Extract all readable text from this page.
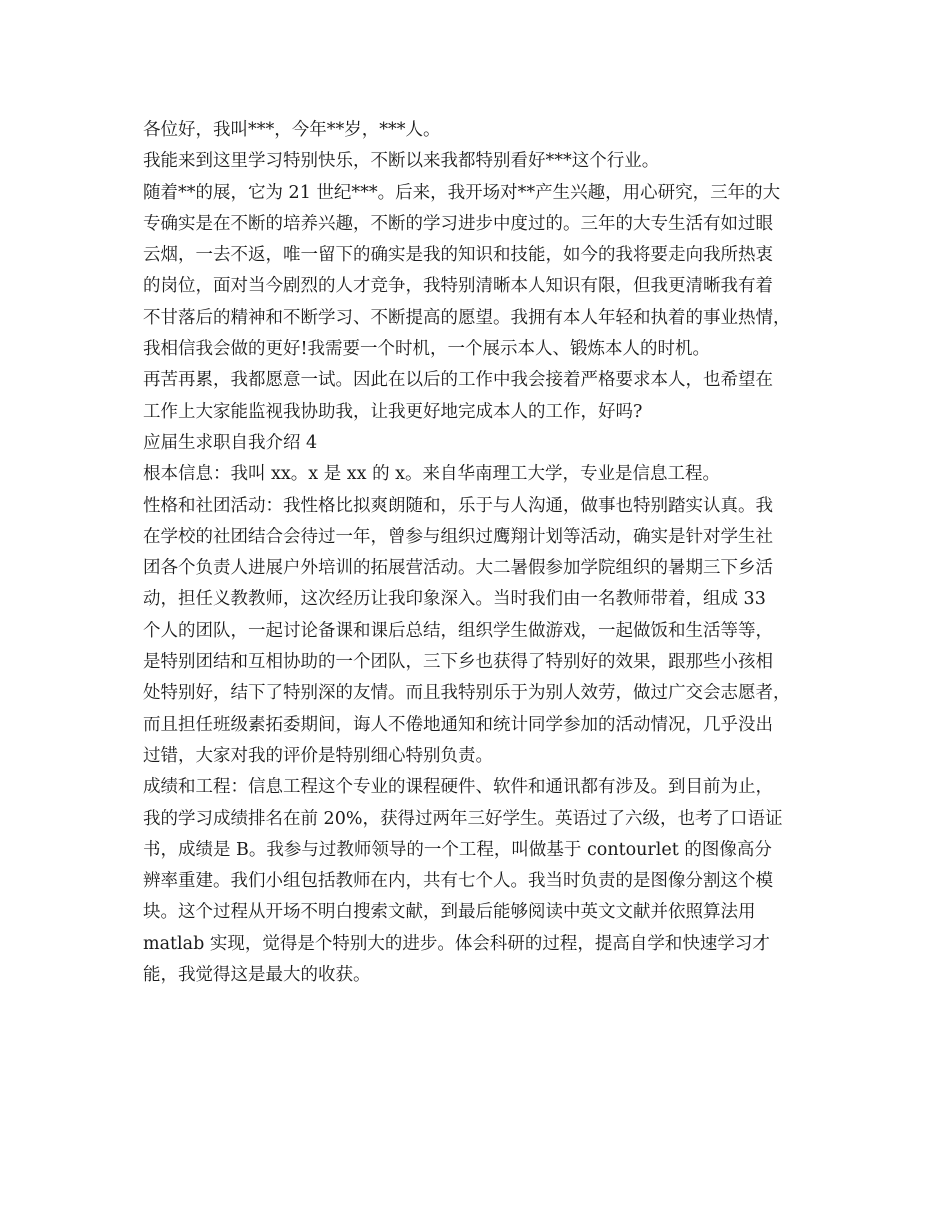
各位好，我叫***，今年**岁，***人。
我能来到这里学习特别快乐，不断以来我都特别看好***这个行业。
随着**的展，它为 21 世纪***。后来，我开场对**产生兴趣，用心研究，三年的大
专确实是在不断的培养兴趣，不断的学习进步中度过的。三年的大专生活有如过眼
云烟，一去不返，唯一留下的确实是我的知识和技能，如今的我将要走向我所热衷
的岗位，面对当今剧烈的人才竞争，我特别清晰本人知识有限，但我更清晰我有着
不甘落后的精神和不断学习、不断提高的愿望。我拥有本人年轻和执着的事业热情，
我相信我会做的更好!我需要一个时机，一个展示本人、锻炼本人的时机。
再苦再累，我都愿意一试。因此在以后的工作中我会接着严格要求本人，也希望在
工作上大家能监视我协助我，让我更好地完成本人的工作，好吗?
应届生求职自我介绍 4
根本信息：我叫 xx。x 是 xx 的 x。来自华南理工大学，专业是信息工程。
性格和社团活动：我性格比拟爽朗随和，乐于与人沟通，做事也特别踏实认真。我
在学校的社团结合会待过一年，曾参与组织过鹰翔计划等活动，确实是针对学生社
团各个负责人进展户外培训的拓展营活动。大二暑假参加学院组织的暑期三下乡活
动，担任义教教师，这次经历让我印象深入。当时我们由一名教师带着，组成 33
个人的团队，一起讨论备课和课后总结，组织学生做游戏，一起做饭和生活等等，
是特别团结和互相协助的一个团队，三下乡也获得了特别好的效果，跟那些小孩相
处特别好，结下了特别深的友情。而且我特别乐于为别人效劳，做过广交会志愿者，
而且担任班级素拓委期间，诲人不倦地通知和统计同学参加的活动情况，几乎没出
过错，大家对我的评价是特别细心特别负责。
成绩和工程：信息工程这个专业的课程硬件、软件和通讯都有涉及。到目前为止，
我的学习成绩排名在前 20%，获得过两年三好学生。英语过了六级，也考了口语证
书，成绩是 B。我参与过教师领导的一个工程，叫做基于 contourlet 的图像高分
辨率重建。我们小组包括教师在内，共有七个人。我当时负责的是图像分割这个模
块。这个过程从开场不明白搜索文献，到最后能够阅读中英文文献并依照算法用
matlab 实现，觉得是个特别大的进步。体会科研的过程，提高自学和快速学习才
能，我觉得这是最大的收获。
